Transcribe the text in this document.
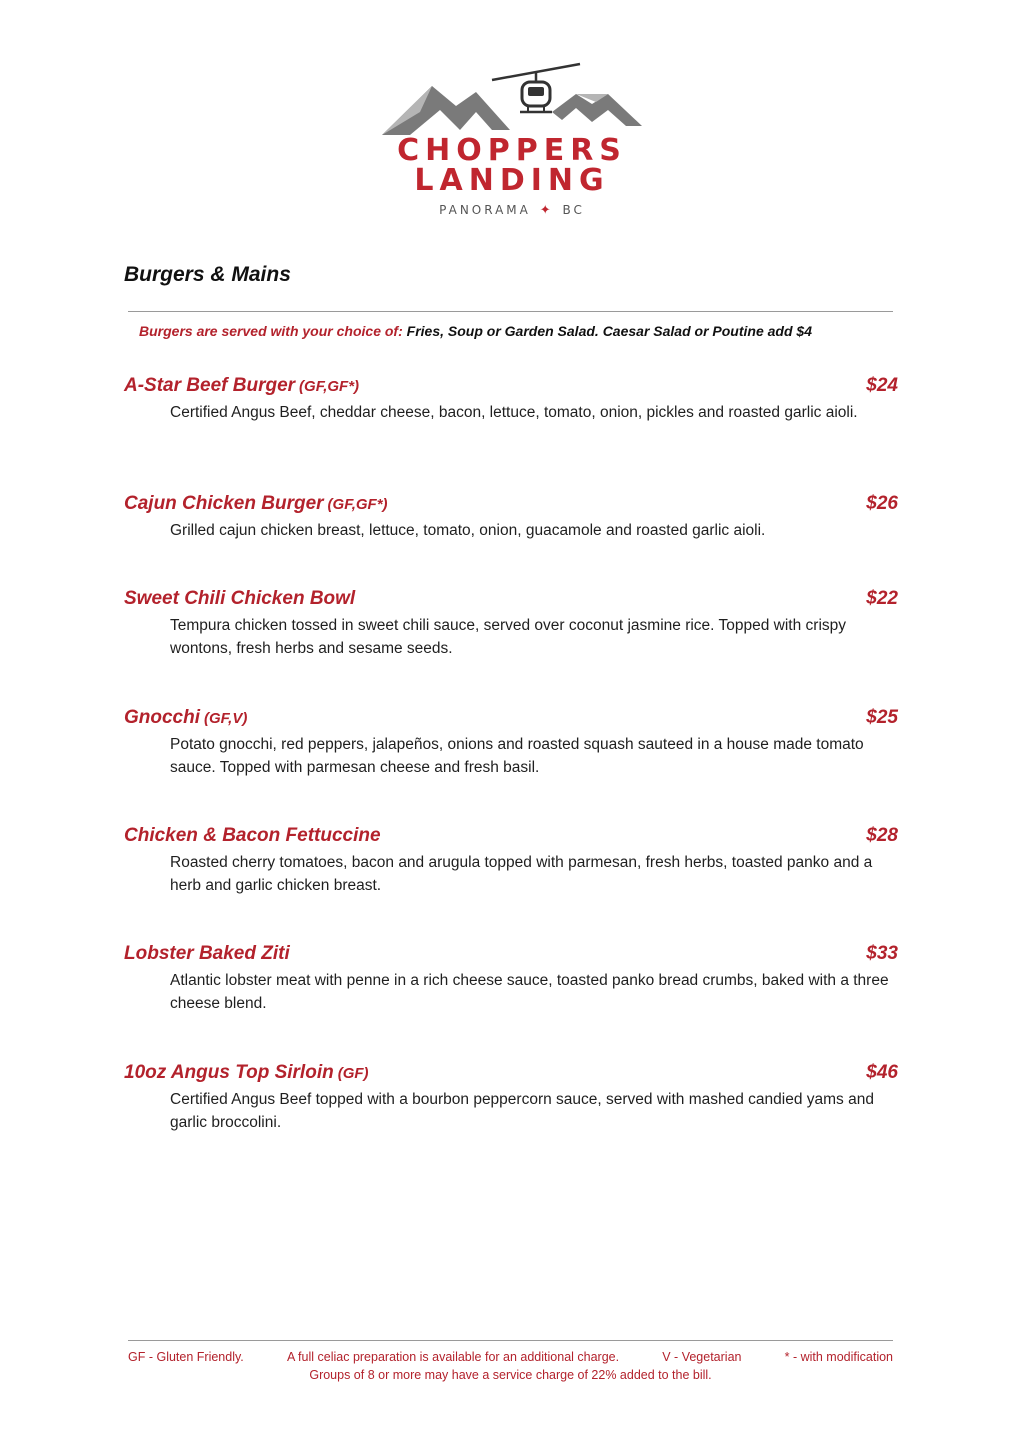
CHOPPERS
LANDING
PANORAMA ✦ BC
Burgers & Mains
Burgers are served with your choice of: Fries, Soup or Garden Salad. Caesar Salad or Poutine add $4
A-Star Beef Burger (GF,GF*)	$24
Certified Angus Beef, cheddar cheese, bacon, lettuce, tomato, onion, pickles and roasted garlic aioli.
Cajun Chicken Burger (GF,GF*)	$26
Grilled cajun chicken breast, lettuce, tomato, onion, guacamole and roasted garlic aioli.
Sweet Chili Chicken Bowl	$22
Tempura chicken tossed in sweet chili sauce, served over coconut jasmine rice. Topped with crispy wontons, fresh herbs and sesame seeds.
Gnocchi (GF,V)	$25
Potato gnocchi, red peppers, jalapeños, onions and roasted squash sauteed in a house made tomato sauce. Topped with parmesan cheese and fresh basil.
Chicken & Bacon Fettuccine	$28
Roasted cherry tomatoes, bacon and arugula topped with parmesan, fresh herbs, toasted panko and a herb and garlic chicken breast.
Lobster Baked Ziti	$33
Atlantic lobster meat with penne in a rich cheese sauce, toasted panko bread crumbs, baked with a three cheese blend.
10oz Angus Top Sirloin (GF)	$46
Certified Angus Beef topped with a bourbon peppercorn sauce, served with mashed candied yams and garlic broccolini.
GF - Gluten Friendly.	A full celiac preparation is available for an additional charge.	V - Vegetarian	* - with modification
Groups of 8 or more may have a service charge of 22% added to the bill.
